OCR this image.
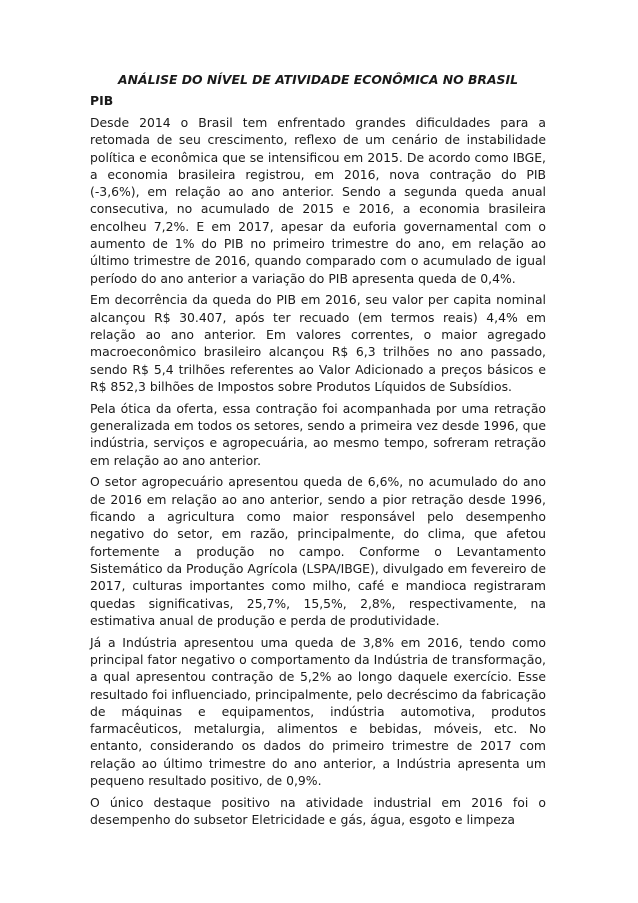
ANÁLISE DO NÍVEL DE ATIVIDADE ECONÔMICA NO BRASIL
PIB

Desde 2014 o Brasil tem enfrentado grandes dificuldades para a retomada de seu crescimento, reflexo de um cenário de instabilidade política e econômica que se intensificou em 2015. De acordo como IBGE, a economia brasileira registrou, em 2016, nova contração do PIB (-3,6%), em relação ao ano anterior. Sendo a segunda queda anual consecutiva, no acumulado de 2015 e 2016, a economia brasileira encolheu 7,2%. E em 2017, apesar da euforia governamental com o aumento de 1% do PIB no primeiro trimestre do ano, em relação ao último trimestre de 2016, quando comparado com o acumulado de igual período do ano anterior a variação do PIB apresenta queda de 0,4%.

Em decorrência da queda do PIB em 2016, seu valor per capita nominal alcançou R$ 30.407, após ter recuado (em termos reais) 4,4% em relação ao ano anterior. Em valores correntes, o maior agregado macroeconômico brasileiro alcançou R$ 6,3 trilhões no ano passado, sendo R$ 5,4 trilhões referentes ao Valor Adicionado a preços básicos e R$ 852,3 bilhões de Impostos sobre Produtos Líquidos de Subsídios.

Pela ótica da oferta, essa contração foi acompanhada por uma retração generalizada em todos os setores, sendo a primeira vez desde 1996, que indústria, serviços e agropecuária, ao mesmo tempo, sofreram retração em relação ao ano anterior.

O setor agropecuário apresentou queda de 6,6%, no acumulado do ano de 2016 em relação ao ano anterior, sendo a pior retração desde 1996, ficando a agricultura como maior responsável pelo desempenho negativo do setor, em razão, principalmente, do clima, que afetou fortemente a produção no campo. Conforme o Levantamento Sistemático da Produção Agrícola (LSPA/IBGE), divulgado em fevereiro de 2017, culturas importantes como milho, café e mandioca registraram quedas significativas, 25,7%, 15,5%, 2,8%, respectivamente, na estimativa anual de produção e perda de produtividade.

Já a Indústria apresentou uma queda de 3,8% em 2016, tendo como principal fator negativo o comportamento da Indústria de transformação, a qual apresentou contração de 5,2% ao longo daquele exercício. Esse resultado foi influenciado, principalmente, pelo decréscimo da fabricação de máquinas e equipamentos, indústria automotiva, produtos farmacêuticos, metalurgia, alimentos e bebidas, móveis, etc. No entanto, considerando os dados do primeiro trimestre de 2017 com relação ao último trimestre do ano anterior, a Indústria apresenta um pequeno resultado positivo, de 0,9%.

O único destaque positivo na atividade industrial em 2016 foi o desempenho do subsetor Eletricidade e gás, água, esgoto e limpeza
